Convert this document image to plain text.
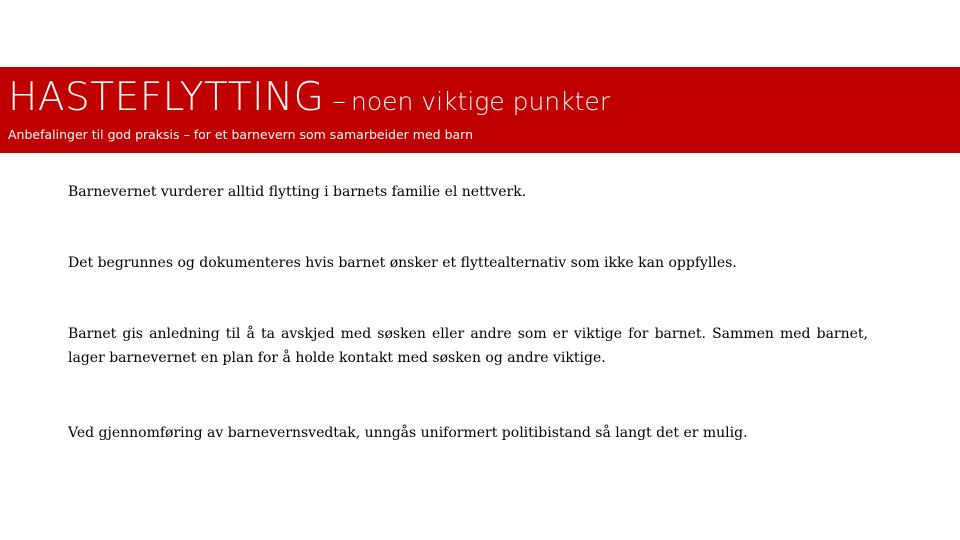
HASTEFLYTTING – noen viktige punkter
Anbefalinger til god praksis – for et barnevern som samarbeider med barn

Barnevernet vurderer alltid flytting i barnets familie el nettverk.

Det begrunnes og dokumenteres hvis barnet ønsker et flyttealternativ som ikke kan oppfylles.

Barnet gis anledning til å ta avskjed med søsken eller andre som er viktige for barnet. Sammen med barnet, lager barnevernet en plan for å holde kontakt med søsken og andre viktige.

Ved gjennomføring av barnevernsvedtak, unngås uniformert politibistand så langt det er mulig.
